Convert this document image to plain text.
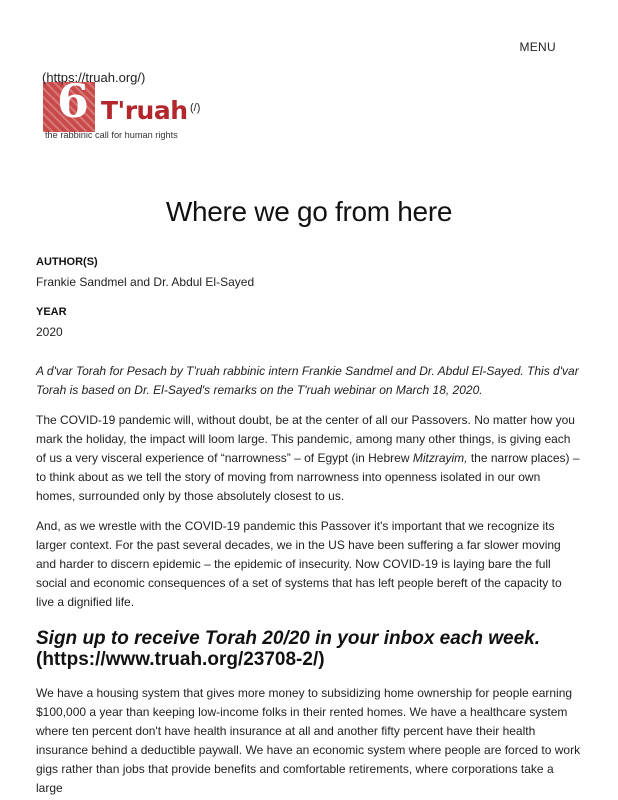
MENU
(https://truah.org/)
6 T'ruah
the rabbinic call for human rights
(/)
Where we go from here
AUTHOR(S)
Frankie Sandmel and Dr. Abdul El-Sayed
YEAR
2020

A d'var Torah for Pesach by T'ruah rabbinic intern Frankie Sandmel and Dr. Abdul El-Sayed. This d'var Torah is based on Dr. El-Sayed's remarks on the T'ruah webinar on March 18, 2020.

The COVID-19 pandemic will, without doubt, be at the center of all our Passovers. No matter how you mark the holiday, the impact will loom large. This pandemic, among many other things, is giving each of us a very visceral experience of “narrowness” – of Egypt (in Hebrew Mitzrayim, the narrow places) – to think about as we tell the story of moving from narrowness into openness isolated in our own homes, surrounded only by those absolutely closest to us.

And, as we wrestle with the COVID-19 pandemic this Passover it's important that we recognize its larger context. For the past several decades, we in the US have been suffering a far slower moving and harder to discern epidemic – the epidemic of insecurity. Now COVID-19 is laying bare the full social and economic consequences of a set of systems that has left people bereft of the capacity to live a dignified life.

Sign up to receive Torah 20/20 in your inbox each week.
(https://www.truah.org/23708-2/)

We have a housing system that gives more money to subsidizing home ownership for people earning $100,000 a year than keeping low-income folks in their rented homes. We have a healthcare system where ten percent don't have health insurance at all and another fifty percent have their health insurance behind a deductible paywall. We have an economic system where people are forced to work gigs rather than jobs that provide benefits and comfortable retirements, where corporations take a large
